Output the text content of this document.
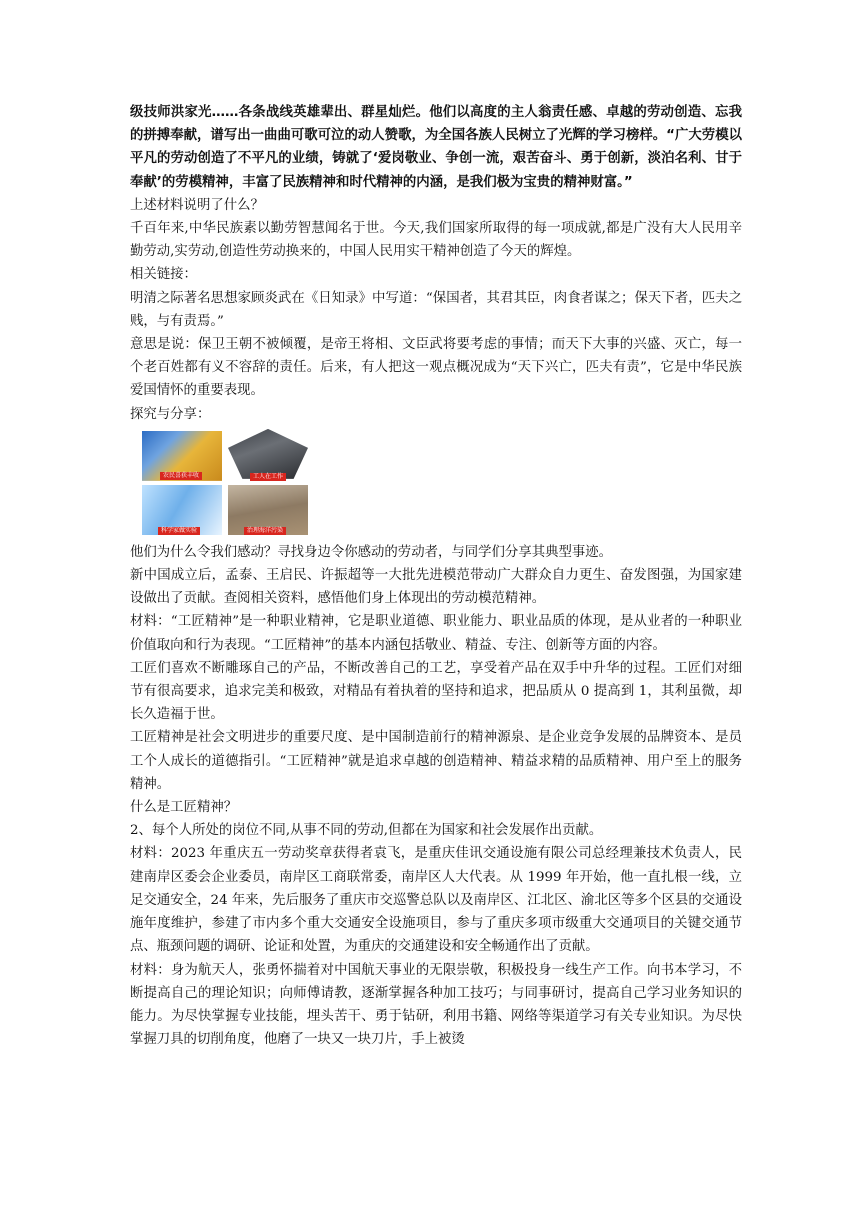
级技师洪家光……各条战线英雄辈出、群星灿烂。他们以高度的主人翁责任感、卓越的劳动创造、忘我的拼搏奉献，谱写出一曲曲可歌可泣的动人赞歌，为全国各族人民树立了光辉的学习榜样。“广大劳模以平凡的劳动创造了不平凡的业绩，铸就了‘爱岗敬业、争创一流，艰苦奋斗、勇于创新，淡泊名利、甘于奉献’的劳模精神，丰富了民族精神和时代精神的内涵，是我们极为宝贵的精神财富。”

上述材料说明了什么？

千百年来,中华民族素以勤劳智慧闻名于世。今天,我们国家所取得的每一项成就,都是广没有大人民用辛勤劳动,实劳动,创造性劳动换来的，中国人民用实干精神创造了今天的辉煌。

相关链接：

明清之际著名思想家顾炎武在《日知录》中写道：“保国者，其君其臣，肉食者谋之；保天下者，匹夫之贱，与有责焉。”

意思是说：保卫王朝不被倾覆，是帝王将相、文臣武将要考虑的事情；而天下大事的兴盛、灭亡，每一个老百姓都有义不容辞的责任。后来，有人把这一观点概况成为“天下兴亡，匹夫有责”，它是中华民族爱国情怀的重要表现。

探究与分享：

农民喜获丰收	工人在工作
科学家做实验	治理海洋污染

他们为什么令我们感动？寻找身边令你感动的劳动者，与同学们分享其典型事迹。

新中国成立后，孟泰、王启民、许振超等一大批先进模范带动广大群众自力更生、奋发图强，为国家建设做出了贡献。查阅相关资料，感悟他们身上体现出的劳动模范精神。

材料：“工匠精神”是一种职业精神，它是职业道德、职业能力、职业品质的体现，是从业者的一种职业价值取向和行为表现。“工匠精神”的基本内涵包括敬业、精益、专注、创新等方面的内容。

工匠们喜欢不断雕琢自己的产品，不断改善自己的工艺，享受着产品在双手中升华的过程。工匠们对细节有很高要求，追求完美和极致，对精品有着执着的坚持和追求，把品质从 0 提高到 1，其利虽微，却长久造福于世。

工匠精神是社会文明进步的重要尺度、是中国制造前行的精神源泉、是企业竞争发展的品牌资本、是员工个人成长的道德指引。“工匠精神”就是追求卓越的创造精神、精益求精的品质精神、用户至上的服务精神。

什么是工匠精神？

2、每个人所处的岗位不同,从事不同的劳动,但都在为国家和社会发展作出贡献。

材料：2023 年重庆五一劳动奖章获得者袁飞，是重庆佳讯交通设施有限公司总经理兼技术负责人，民建南岸区委会企业委员，南岸区工商联常委，南岸区人大代表。从 1999 年开始，他一直扎根一线，立足交通安全，24 年来，先后服务了重庆市交巡警总队以及南岸区、江北区、渝北区等多个区县的交通设施年度维护，参建了市内多个重大交通安全设施项目，参与了重庆多项市级重大交通项目的关键交通节点、瓶颈问题的调研、论证和处置，为重庆的交通建设和安全畅通作出了贡献。

材料：身为航天人，张勇怀揣着对中国航天事业的无限崇敬，积极投身一线生产工作。向书本学习，不断提高自己的理论知识；向师傅请教，逐渐掌握各种加工技巧；与同事研讨，提高自己学习业务知识的能力。为尽快掌握专业技能，埋头苦干、勇于钻研，利用书籍、网络等渠道学习有关专业知识。为尽快掌握刀具的切削角度，他磨了一块又一块刀片，手上被烫
